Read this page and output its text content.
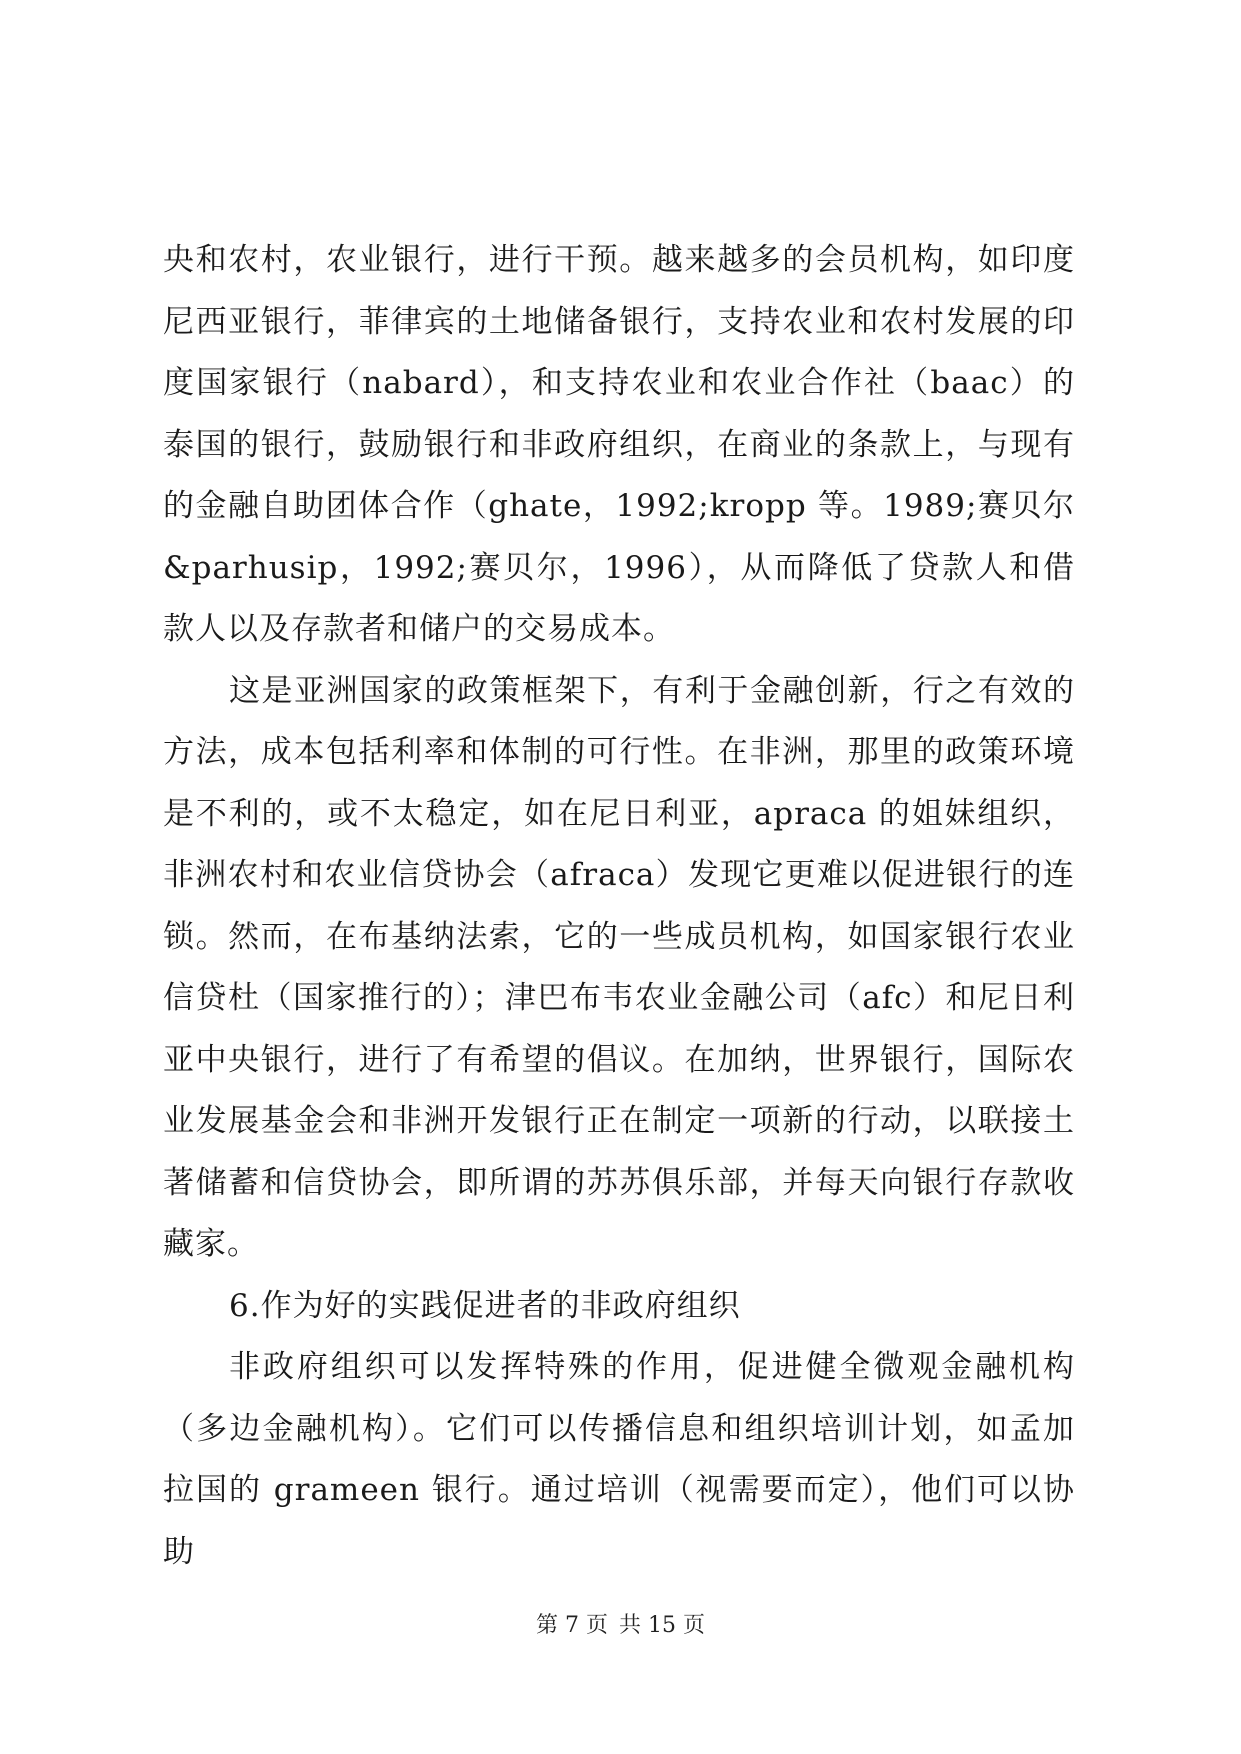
央和农村，农业银行，进行干预。越来越多的会员机构，如印度尼西亚银行，菲律宾的土地储备银行，支持农业和农村发展的印度国家银行（nabard），和支持农业和农业合作社（baac）的泰国的银行，鼓励银行和非政府组织，在商业的条款上，与现有的金融自助团体合作（ghate，1992;kropp 等。1989;赛贝尔&parhusip，1992;赛贝尔，1996），从而降低了贷款人和借款人以及存款者和储户的交易成本。

这是亚洲国家的政策框架下，有利于金融创新，行之有效的方法，成本包括利率和体制的可行性。在非洲，那里的政策环境是不利的，或不太稳定，如在尼日利亚，apraca 的姐妹组织，非洲农村和农业信贷协会（afraca）发现它更难以促进银行的连锁。然而，在布基纳法索，它的一些成员机构，如国家银行农业信贷杜（国家推行的）；津巴布韦农业金融公司（afc）和尼日利亚中央银行，进行了有希望的倡议。在加纳，世界银行，国际农业发展基金会和非洲开发银行正在制定一项新的行动，以联接土著储蓄和信贷协会，即所谓的苏苏俱乐部，并每天向银行存款收藏家。

6.作为好的实践促进者的非政府组织

非政府组织可以发挥特殊的作用，促进健全微观金融机构（多边金融机构）。它们可以传播信息和组织培训计划，如孟加拉国的 grameen 银行。通过培训（视需要而定），他们可以协助

第 7 页 共 15 页
